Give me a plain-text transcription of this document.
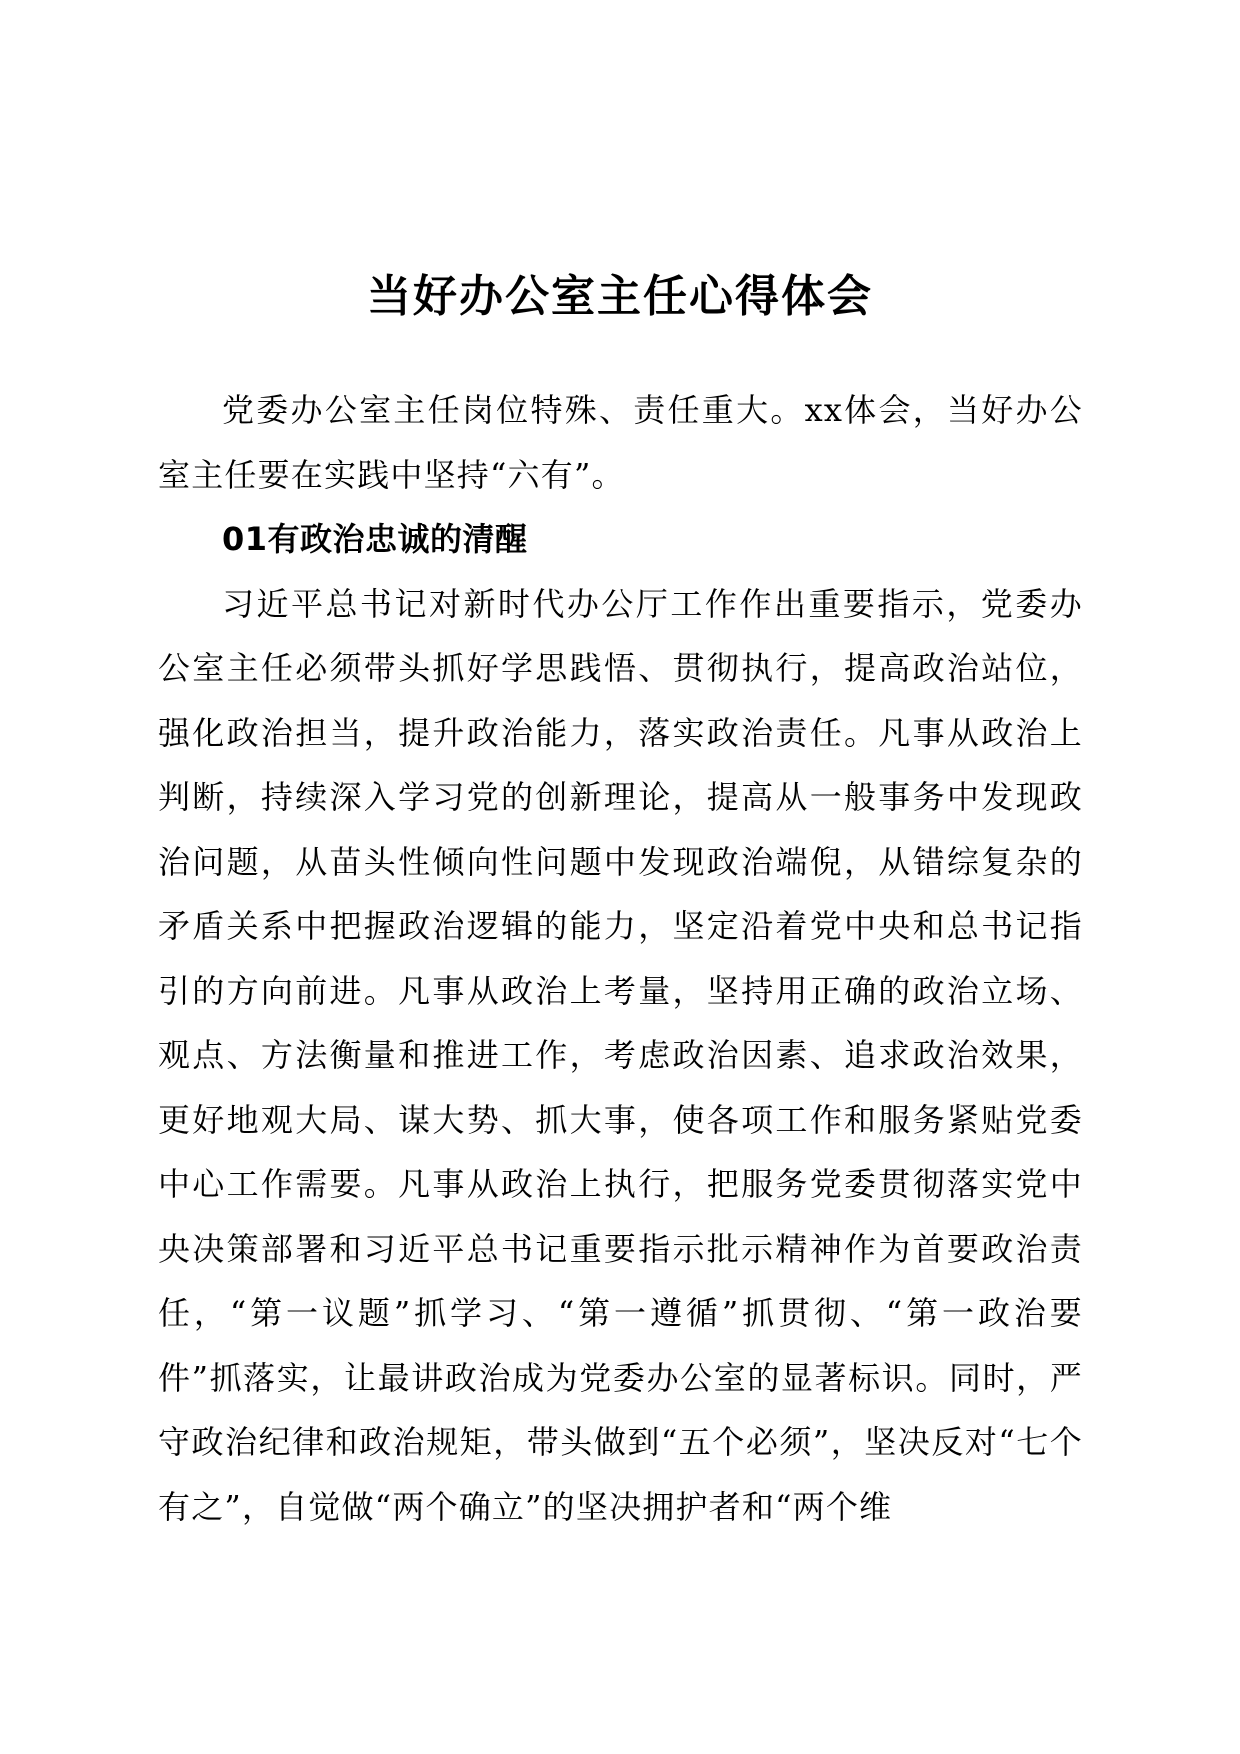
当好办公室主任心得体会

党委办公室主任岗位特殊、责任重大。xx体会，当好办公室主任要在实践中坚持“六有”。

01有政治忠诚的清醒

习近平总书记对新时代办公厅工作作出重要指示，党委办公室主任必须带头抓好学思践悟、贯彻执行，提高政治站位，强化政治担当，提升政治能力，落实政治责任。凡事从政治上判断，持续深入学习党的创新理论，提高从一般事务中发现政治问题，从苗头性倾向性问题中发现政治端倪，从错综复杂的矛盾关系中把握政治逻辑的能力，坚定沿着党中央和总书记指引的方向前进。凡事从政治上考量，坚持用正确的政治立场、观点、方法衡量和推进工作，考虑政治因素、追求政治效果，更好地观大局、谋大势、抓大事，使各项工作和服务紧贴党委中心工作需要。凡事从政治上执行，把服务党委贯彻落实党中央决策部署和习近平总书记重要指示批示精神作为首要政治责任，“第一议题”抓学习、“第一遵循”抓贯彻、“第一政治要件”抓落实，让最讲政治成为党委办公室的显著标识。同时，严守政治纪律和政治规矩，带头做到“五个必须”，坚决反对“七个有之”，自觉做“两个确立”的坚决拥护者和“两个维
